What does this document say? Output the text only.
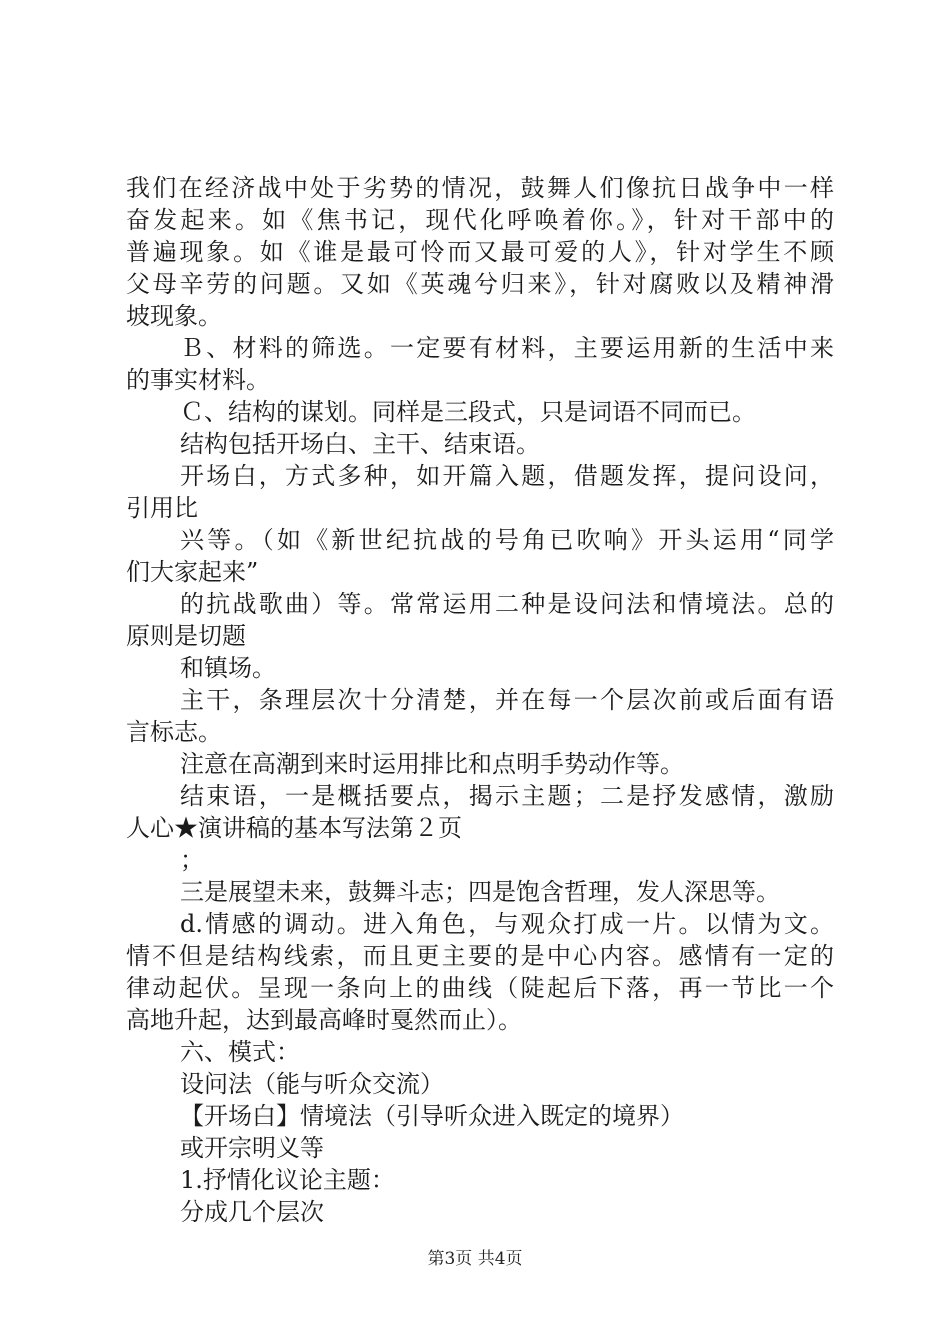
我们在经济战中处于劣势的情况，鼓舞人们像抗日战争中一样
奋发起来。如《焦书记，现代化呼唤着你。》，针对干部中的
普遍现象。如《谁是最可怜而又最可爱的人》，针对学生不顾
父母辛劳的问题。又如《英魂兮归来》，针对腐败以及精神滑
坡现象。
Ｂ、材料的筛选。一定要有材料，主要运用新的生活中来
的事实材料。
Ｃ、结构的谋划。同样是三段式，只是词语不同而已。
结构包括开场白、主干、结束语。
开场白，方式多种，如开篇入题，借题发挥，提问设问，
引用比
兴等。（如《新世纪抗战的号角已吹响》开头运用“同学
们大家起来”
的抗战歌曲）等。常常运用二种是设问法和情境法。总的
原则是切题
和镇场。
主干，条理层次十分清楚，并在每一个层次前或后面有语
言标志。
注意在高潮到来时运用排比和点明手势动作等。
结束语，一是概括要点，揭示主题；二是抒发感情，激励
人心★演讲稿的基本写法第２页
；
三是展望未来，鼓舞斗志；四是饱含哲理，发人深思等。
d.情感的调动。进入角色，与观众打成一片。以情为文。
情不但是结构线索，而且更主要的是中心内容。感情有一定的
律动起伏。呈现一条向上的曲线（陡起后下落，再一节比一个
高地升起，达到最高峰时戛然而止）。
六、模式：
设问法（能与听众交流）
【开场白】情境法（引导听众进入既定的境界）
或开宗明义等
1.抒情化议论主题：
分成几个层次
第3页 共4页
